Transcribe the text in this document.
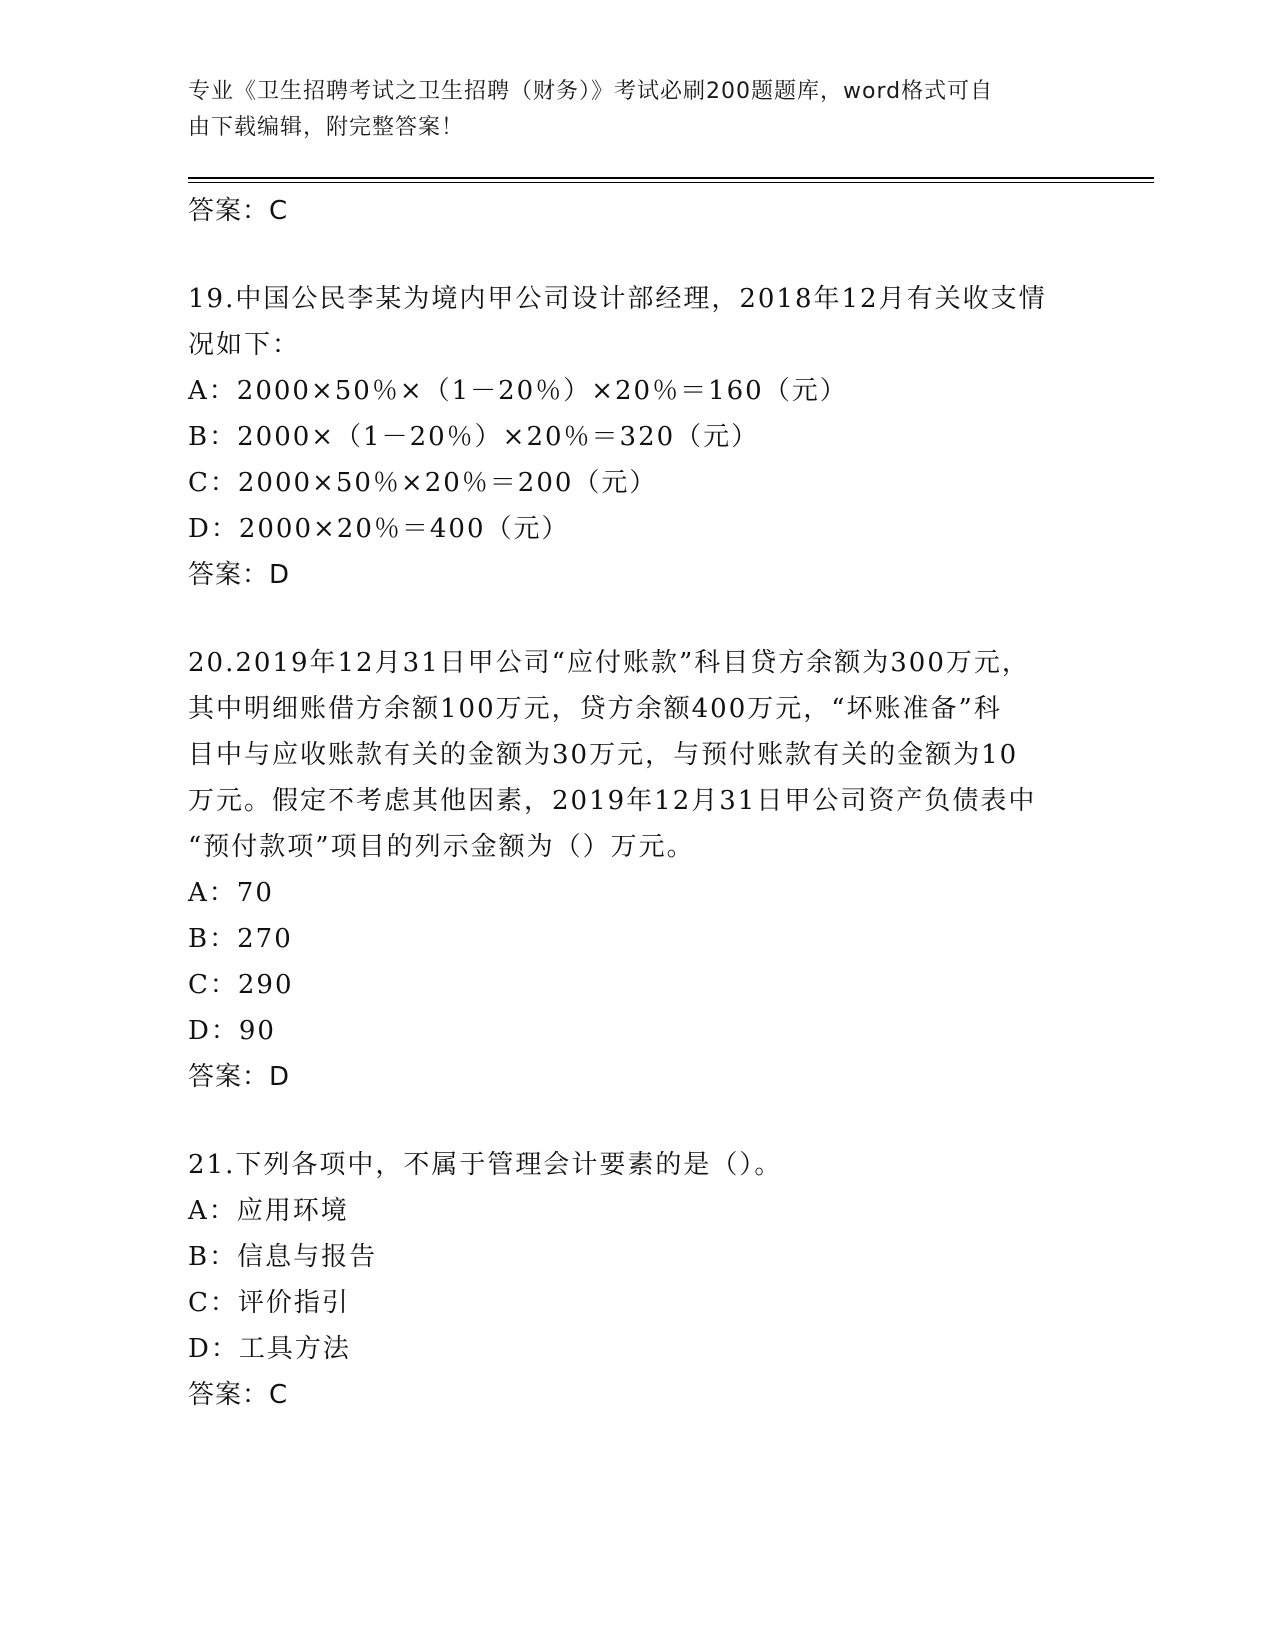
专业《卫生招聘考试之卫生招聘（财务）》考试必刷200题题库，word格式可自
由下载编辑，附完整答案！
答案：C
19.中国公民李某为境内甲公司设计部经理，2018年12月有关收支情
况如下：
A：2000×50％×（1－20％）×20％＝160（元）
B：2000×（1－20％）×20％＝320（元）
C：2000×50％×20％＝200（元）
D：2000×20％＝400（元）
答案：D
20.2019年12月31日甲公司“应付账款”科目贷方余额为300万元，
其中明细账借方余额100万元，贷方余额400万元，“坏账准备”科
目中与应收账款有关的金额为30万元，与预付账款有关的金额为10
万元。假定不考虑其他因素，2019年12月31日甲公司资产负债表中
“预付款项”项目的列示金额为（）万元。
A：70
B：270
C：290
D：90
答案：D
21.下列各项中，不属于管理会计要素的是（）。
A：应用环境
B：信息与报告
C：评价指引
D：工具方法
答案：C
